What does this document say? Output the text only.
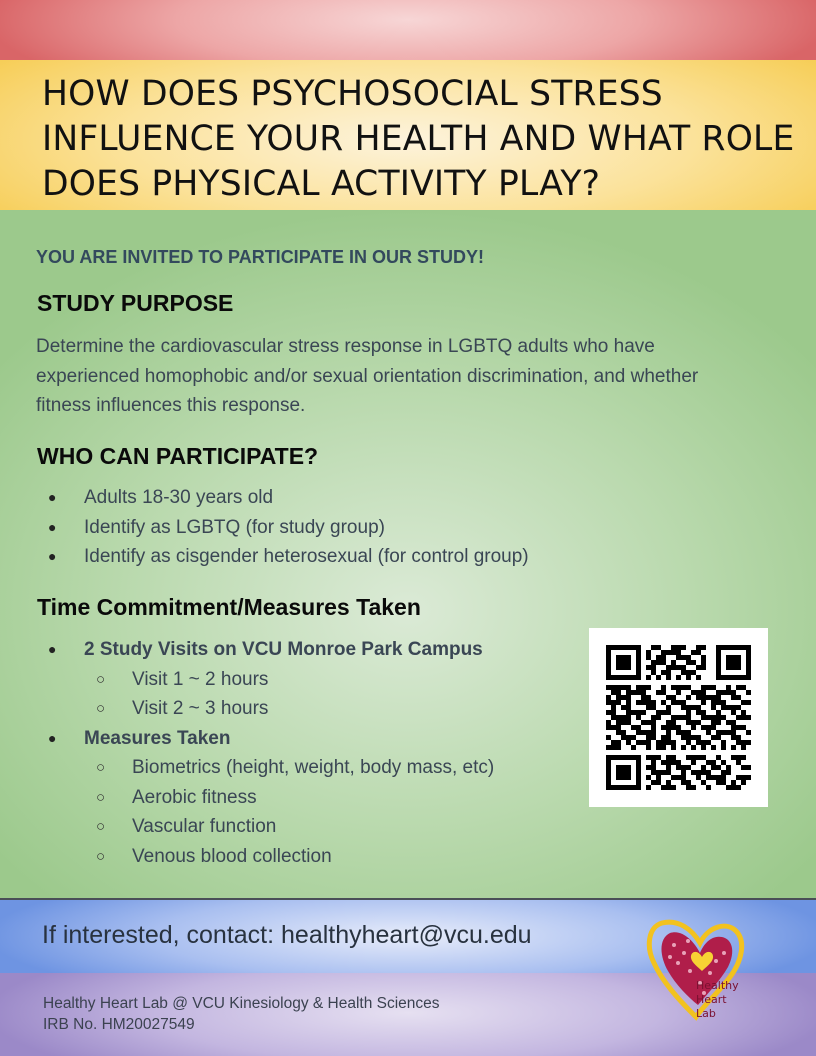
HOW DOES PSYCHOSOCIAL STRESS INFLUENCE YOUR HEALTH AND WHAT ROLE DOES PHYSICAL ACTIVITY PLAY?

YOU ARE INVITED TO PARTICIPATE IN OUR STUDY!

STUDY PURPOSE

Determine the cardiovascular stress response in LGBTQ adults who have experienced homophobic and/or sexual orientation discrimination, and whether fitness influences this response.

WHO CAN PARTICIPATE?
● Adults 18-30 years old
● Identify as LGBTQ (for study group)
● Identify as cisgender heterosexual (for control group)
Time Commitment/Measures Taken
● 2 Study Visits on VCU Monroe Park Campus
○ Visit 1 ~ 2 hours
○ Visit 2 ~ 3 hours
● Measures Taken
○ Biometrics (height, weight, body mass, etc)
○ Aerobic fitness
○ Vascular function
○ Venous blood collection

If interested, contact: healthyheart@vcu.edu

Healthy Heart Lab @ VCU Kinesiology & Health Sciences

IRB No. HM20027549

Healthy
Heart
Lab
